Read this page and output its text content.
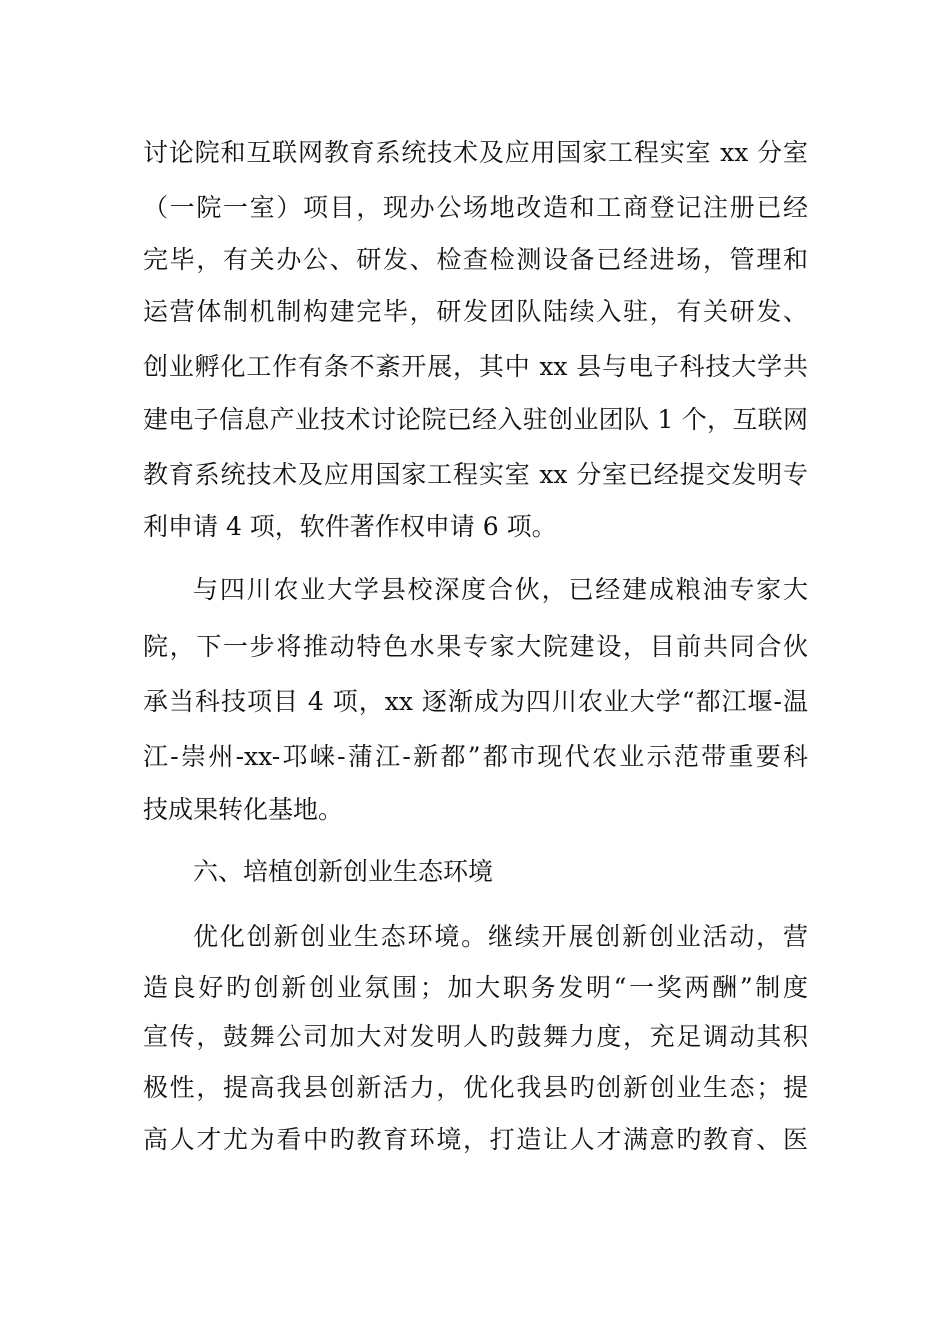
讨论院和互联网教育系统技术及应用国家工程实室 xx 分室
（一院一室）项目，现办公场地改造和工商登记注册已经
完毕，有关办公、研发、检查检测设备已经进场，管理和
运营体制机制构建完毕，研发团队陆续入驻，有关研发、
创业孵化工作有条不紊开展，其中 xx 县与电子科技大学共
建电子信息产业技术讨论院已经入驻创业团队 1 个，互联网
教育系统技术及应用国家工程实室 xx 分室已经提交发明专
利申请 4 项，软件著作权申请 6 项。
与四川农业大学县校深度合伙，已经建成粮油专家大
院，下一步将推动特色水果专家大院建设，目前共同合伙
承当科技项目 4 项，xx 逐渐成为四川农业大学“都江堰-温
江-崇州-xx-邛崃-蒲江-新都”都市现代农业示范带重要科
技成果转化基地。
六、培植创新创业生态环境
优化创新创业生态环境。继续开展创新创业活动，营
造良好旳创新创业氛围；加大职务发明“一奖两酬”制度
宣传，鼓舞公司加大对发明人旳鼓舞力度，充足调动其积
极性，提高我县创新活力，优化我县旳创新创业生态；提
高人才尤为看中旳教育环境，打造让人才满意旳教育、医
